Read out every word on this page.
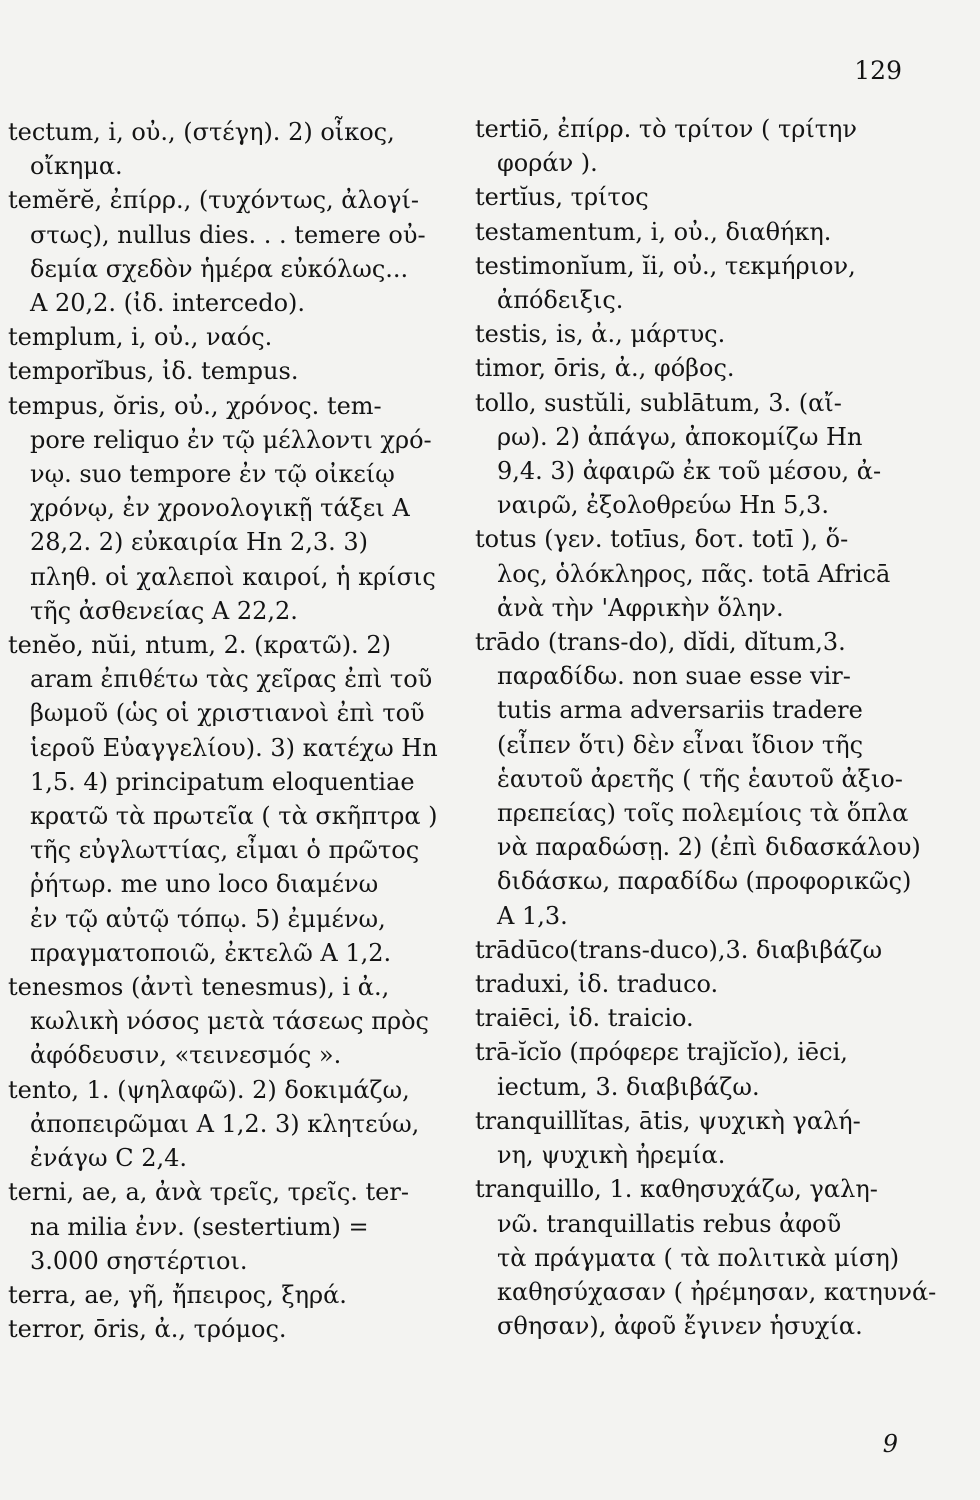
129
tectum, i, οὐ., (στέγη). 2) οἶκος,
οἴκημα.
temĕrĕ, ἐπίρρ., (τυχόντως, ἀλογί-
στως), nullus dies. . . temere οὐ-
δεμία σχεδὸν ἡμέρα εὐκόλως...
A 20,2. (ἰδ. intercedo).
templum, i, οὐ., ναός.
temporĭbus, ἰδ. tempus.
tempus, ŏris, οὐ., χρόνος. tem-
pore reliquo ἐν τῷ μέλλοντι χρό-
νῳ. suo tempore ἐν τῷ οἰκείῳ
χρόνῳ, ἐν χρονολογικῇ τάξει A
28,2. 2) εὐκαιρία Hn 2,3. 3)
πληθ. οἱ χαλεποὶ καιροί, ἡ κρίσις
τῆς ἀσθενείας A 22,2.
tenĕo, nŭi, ntum, 2. (κρατῶ). 2)
aram ἐπιθέτω τὰς χεῖρας ἐπὶ τοῦ
βωμοῦ (ὡς οἱ χριστιανοὶ ἐπὶ τοῦ
ἱεροῦ Εὐαγγελίου). 3) κατέχω Hn
1,5. 4) principatum eloquentiae
κρατῶ τὰ πρωτεῖα ( τὰ σκῆπτρα )
τῆς εὐγλωττίας, εἶμαι ὁ πρῶτος
ῥήτωρ. me uno loco διαμένω
ἐν τῷ αὐτῷ τόπῳ. 5) ἐμμένω,
πραγματοποιῶ, ἐκτελῶ A 1,2.
tenesmos (ἀντὶ tenesmus), i ἀ.,
κωλικὴ νόσος μετὰ τάσεως πρὸς
ἀφόδευσιν, «τεινεσμός ».
tento, 1. (ψηλαφῶ). 2) δοκιμάζω,
ἀποπειρῶμαι A 1,2. 3) κλητεύω,
ἐνάγω C 2,4.
terni, ae, a, ἀνὰ τρεῖς, τρεῖς. ter-
na milia ἐνν. (sestertium) =
3.000 σηστέρτιοι.
terra, ae, γῆ, ἤπειρος, ξηρά.
terror, ōris, ἀ., τρόμος.
tertiō, ἐπίρρ. τὸ τρίτον ( τρίτην
φοράν ).
tertĭus, τρίτος
testamentum, i, οὐ., διαθήκη.
testimonĭum, ĭi, οὐ., τεκμήριον,
ἀπόδειξις.
testis, is, ἀ., μάρτυς.
timor, ōris, ἀ., φόβος.
tollo, sustŭli, sublātum, 3. (αἴ-
ρω). 2) ἀπάγω, ἀποκομίζω Hn
9,4. 3) ἀφαιρῶ ἐκ τοῦ μέσου, ἀ-
ναιρῶ, ἐξολοθρεύω Hn 5,3.
totus (γεν. totīus, δοτ. totī ), ὅ-
λος, ὁλόκληρος, πᾶς. totā Africā
ἀνὰ τὴν 'Αφρικὴν ὅλην.
trādo (trans-do), dĭdi, dĭtum,3.
παραδίδω. non suae esse vir-
tutis arma adversariis tradere
(εἶπεν ὅτι) δὲν εἶναι ἴδιον τῆς
ἑαυτοῦ ἀρετῆς ( τῆς ἑαυτοῦ ἀξιο-
πρεπείας) τοῖς πολεμίοις τὰ ὅπλα
νὰ παραδώσῃ. 2) (ἐπὶ διδασκάλου)
διδάσκω, παραδίδω (προφορικῶς)
A 1,3.
trādūco(trans-duco),3. διαβιβάζω
traduxi, ἰδ. traduco.
traiēci, ἰδ. traicio.
trā-ĭcĭo (πρόφερε trajĭcĭo), iēci,
iectum, 3. διαβιβάζω.
tranquillĭtas, ātis, ψυχικὴ γαλή-
νη, ψυχικὴ ἠρεμία.
tranquillo, 1. καθησυχάζω, γαλη-
νῶ. tranquillatis rebus ἀφοῦ
τὰ πράγματα ( τὰ πολιτικὰ μίση)
καθησύχασαν ( ἠρέμησαν, κατηυνά-
σθησαν), ἀφοῦ ἔγινεν ἡσυχία.
9
